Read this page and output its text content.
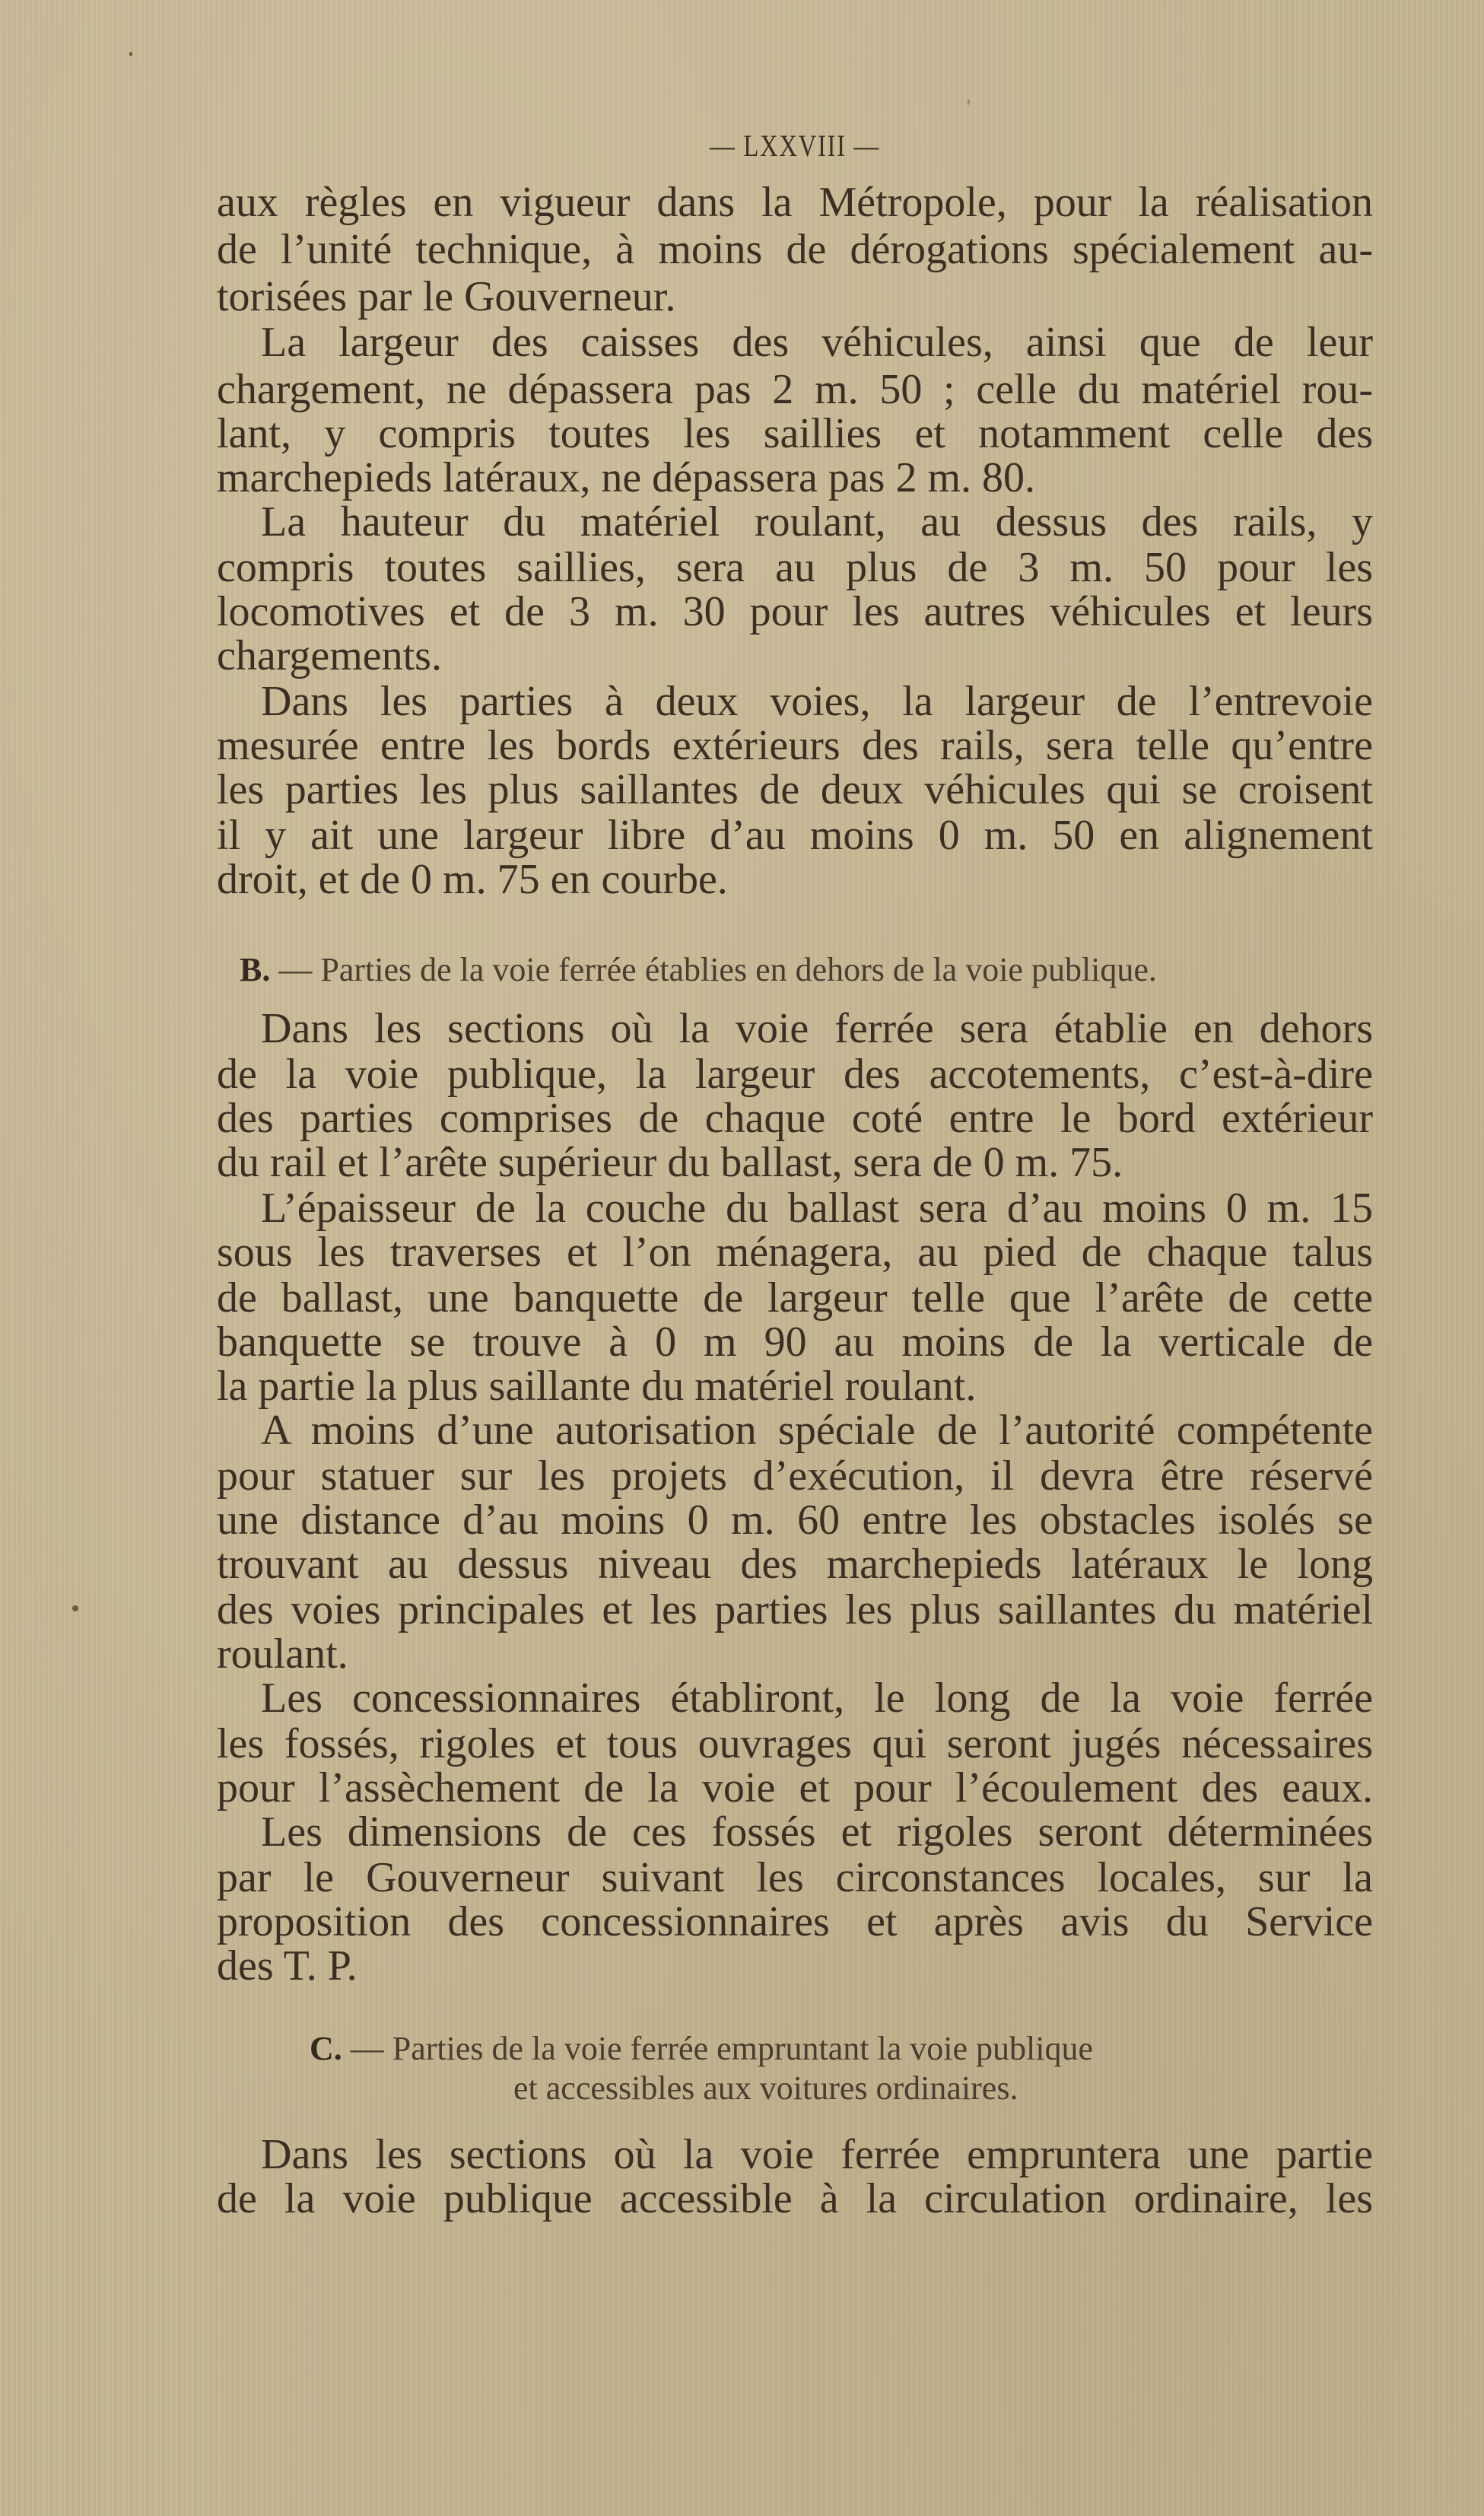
— LXXVIII —
aux règles en vigueur dans la Métropole, pour la réalisation
de l’unité technique, à moins de dérogations spécialement au-
torisées par le Gouverneur.
La largeur des caisses des véhicules, ainsi que de leur
chargement, ne dépassera pas 2 m. 50 ; celle du matériel rou-
lant, y compris toutes les saillies et notamment celle des
marchepieds latéraux, ne dépassera pas 2 m. 80.
La hauteur du matériel roulant, au dessus des rails, y
compris toutes saillies, sera au plus de 3 m. 50 pour les
locomotives et de 3 m. 30 pour les autres véhicules et leurs
chargements.
Dans les parties à deux voies, la largeur de l’entrevoie
mesurée entre les bords extérieurs des rails, sera telle qu’entre
les parties les plus saillantes de deux véhicules qui se croisent
il y ait une largeur libre d’au moins 0 m. 50 en alignement
droit, et de 0 m. 75 en courbe.
B. — Parties de la voie ferrée établies en dehors de la voie publique.
Dans les sections où la voie ferrée sera établie en dehors
de la voie publique, la largeur des accotements, c’est-à-dire
des parties comprises de chaque coté entre le bord extérieur
du rail et l’arête supérieur du ballast, sera de 0 m. 75.
L’épaisseur de la couche du ballast sera d’au moins 0 m. 15
sous les traverses et l’on ménagera, au pied de chaque talus
de ballast, une banquette de largeur telle que l’arête de cette
banquette se trouve à 0 m 90 au moins de la verticale de
la partie la plus saillante du matériel roulant.
A moins d’une autorisation spéciale de l’autorité compétente
pour statuer sur les projets d’exécution, il devra être réservé
une distance d’au moins 0 m. 60 entre les obstacles isolés se
trouvant au dessus niveau des marchepieds latéraux le long
des voies principales et les parties les plus saillantes du matériel
roulant.
Les concessionnaires établiront, le long de la voie ferrée
les fossés, rigoles et tous ouvrages qui seront jugés nécessaires
pour l’assèchement de la voie et pour l’écoulement des eaux.
Les dimensions de ces fossés et rigoles seront déterminées
par le Gouverneur suivant les circonstances locales, sur la
proposition des concessionnaires et après avis du Service
des T. P.
C. — Parties de la voie ferrée empruntant la voie publique
et accessibles aux voitures ordinaires.
Dans les sections où la voie ferrée empruntera une partie
de la voie publique accessible à la circulation ordinaire, les
